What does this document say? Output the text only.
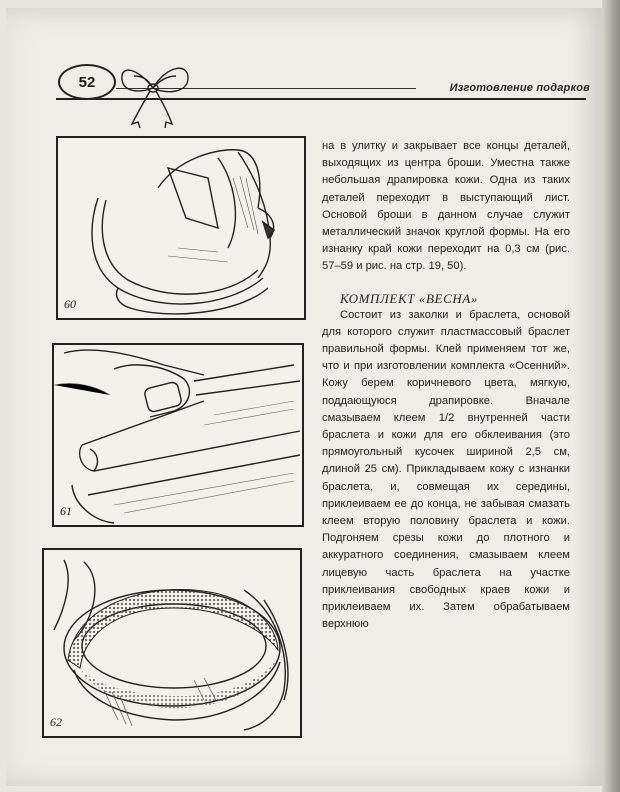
52	Изготовление подарков
60
61
62

на в улитку и закрывает все концы деталей, выходящих из центра броши. Уместна также небольшая драпировка кожи. Одна из таких деталей переходит в выступающий лист. Основой броши в данном случае служит металлический значок круглой формы. На его изнанку край кожи переходит на 0,3 см (рис. 57–59 и рис. на стр. 19, 50).

КОМПЛЕКТ «ВЕСНА»

Состоит из заколки и браслета, основой для которого служит пластмассовый браслет правильной формы. Клей применяем тот же, что и при изготовлении комплекта «Осенний». Кожу берем коричневого цвета, мягкую, поддающуюся драпировке. Вначале смазываем клеем 1/2 внутренней части браслета и кожи для его обклеивания (это прямоугольный кусочек шириной 2,5 см, длиной 25 см). Прикладываем кожу с изнанки браслета, и, совмещая их середины, приклеиваем ее до конца, не забывая смазать клеем вторую половину браслета и кожи. Подгоняем срезы кожи до плотного и аккуратного соединения, смазываем клеем лицевую часть браслета на участке приклеивания свободных краев кожи и приклеиваем их. Затем обрабатываем верхнюю
